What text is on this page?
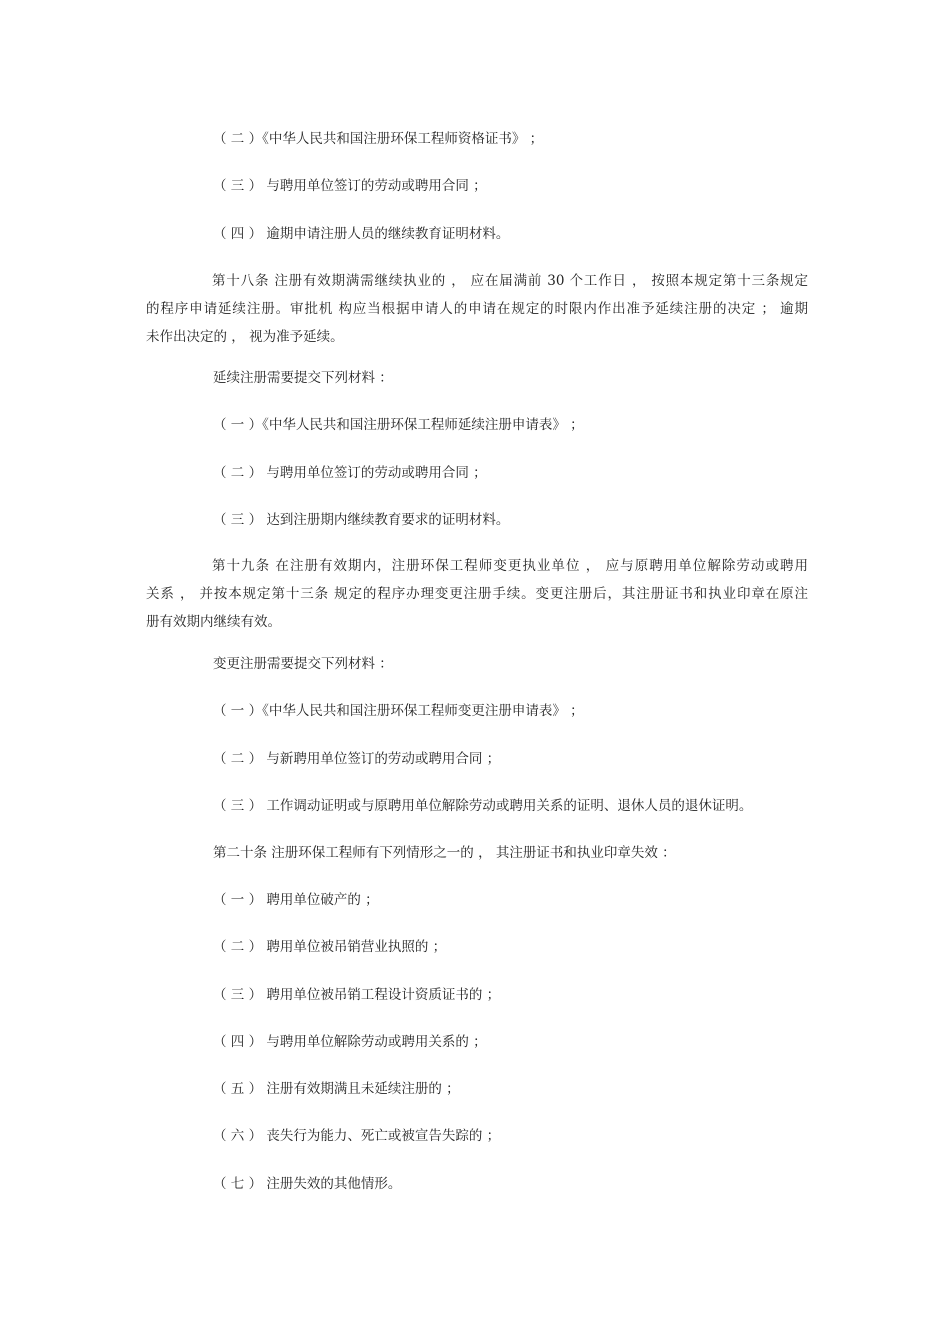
（ 二 ）《中华人民共和国注册环保工程师资格证书》 ；
（ 三 ） 与聘用单位签订的劳动或聘用合同 ；
（ 四 ） 逾期申请注册人员的继续教育证明材料。
第十八条 注册有效期满需继续执业的 ， 应在届满前 30 个工作日 ， 按照本规定第十三条规定
的程序申请延续注册。审批机 构应当根据申请人的申请在规定的时限内作出准予延续注册的决定 ； 逾期
未作出决定的 ， 视为准予延续。
延续注册需要提交下列材料 ：
（ 一 ）《中华人民共和国注册环保工程师延续注册申请表》 ；
（ 二 ） 与聘用单位签订的劳动或聘用合同 ；
（ 三 ） 达到注册期内继续教育要求的证明材料。
第十九条 在注册有效期内，注册环保工程师变更执业单位 ， 应与原聘用单位解除劳动或聘用
关系 ， 并按本规定第十三条 规定的程序办理变更注册手续。变更注册后，其注册证书和执业印章在原注
册有效期内继续有效。
变更注册需要提交下列材料 ：
（ 一 ）《中华人民共和国注册环保工程师变更注册申请表》 ；
（ 二 ） 与新聘用单位签订的劳动或聘用合同 ；
（ 三 ） 工作调动证明或与原聘用单位解除劳动或聘用关系的证明、退休人员的退休证明。
第二十条 注册环保工程师有下列情形之一的 ， 其注册证书和执业印章失效 ：
（ 一 ） 聘用单位破产的 ；
（ 二 ） 聘用单位被吊销营业执照的 ；
（ 三 ） 聘用单位被吊销工程设计资质证书的 ；
（ 四 ） 与聘用单位解除劳动或聘用关系的 ；
（ 五 ） 注册有效期满且未延续注册的 ；
（ 六 ） 丧失行为能力、死亡或被宣告失踪的 ；
（ 七 ） 注册失效的其他情形。
